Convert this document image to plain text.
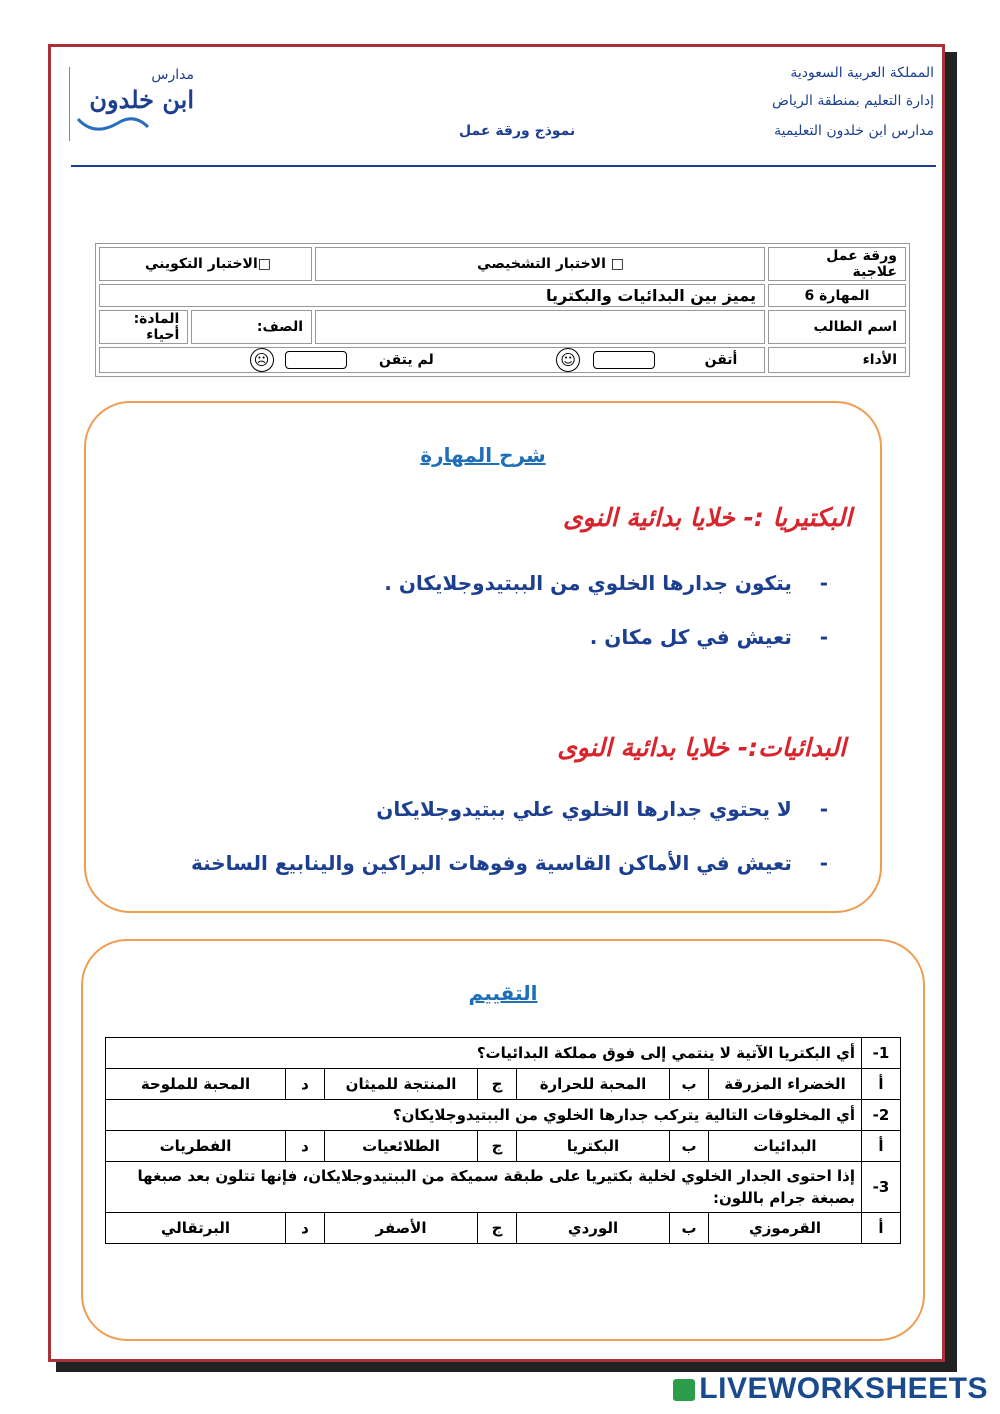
المملكة العربية السعودية
إدارة التعليم بمنطقة الرياض
مدارس ابن خلدون التعليمية
نموذج ورقة عمل
مدارس
ابن خلدون
ورقة عمل علاجية	□ الاختبار التشخيصي	□الاختبار التكويني	
المهارة 6	يميز بين البدائيات والبكتريا		
اسم الطالب		الصف:	المادة: أحياء
الأداء	أتقن  ☺ لم يتقن  ☹		
شرح المهارة
البكتيريا :- خلايا بدائية النوى
-    يتكون جدارها الخلوي من الببتيدوجلايكان .
-    تعيش في كل مكان .
البدائيات:- خلايا بدائية النوى
-    لا يحتوي جدارها الخلوي علي ببتيدوجلايكان
-    تعيش في الأماكن القاسية وفوهات البراكين والينابيع الساخنة
التقييم
1-	أي البكتريا الآتية لا ينتمي إلى فوق مملكة البدائيات؟						
أ	الخضراء المزرقة	ب	المحبة للحرارة	ج	المنتجة للميثان	د	المحبة للملوحة
2-	أي المخلوقات التالية يتركب جدارها الخلوي من الببتيدوجلايكان؟						
أ	البدائيات	ب	البكتريا	ج	الطلائعيات	د	الفطريات
3-	إذا احتوى الجدار الخلوي لخلية بكتيريا على طبقة سميكة من الببتيدوجلايكان، فإنها تتلون بعد صبغها بصبغة جرام باللون:						
أ	القرموزي	ب	الوردي	ج	الأصفر	د	البرتقالي
LIVEWORKSHEETS
